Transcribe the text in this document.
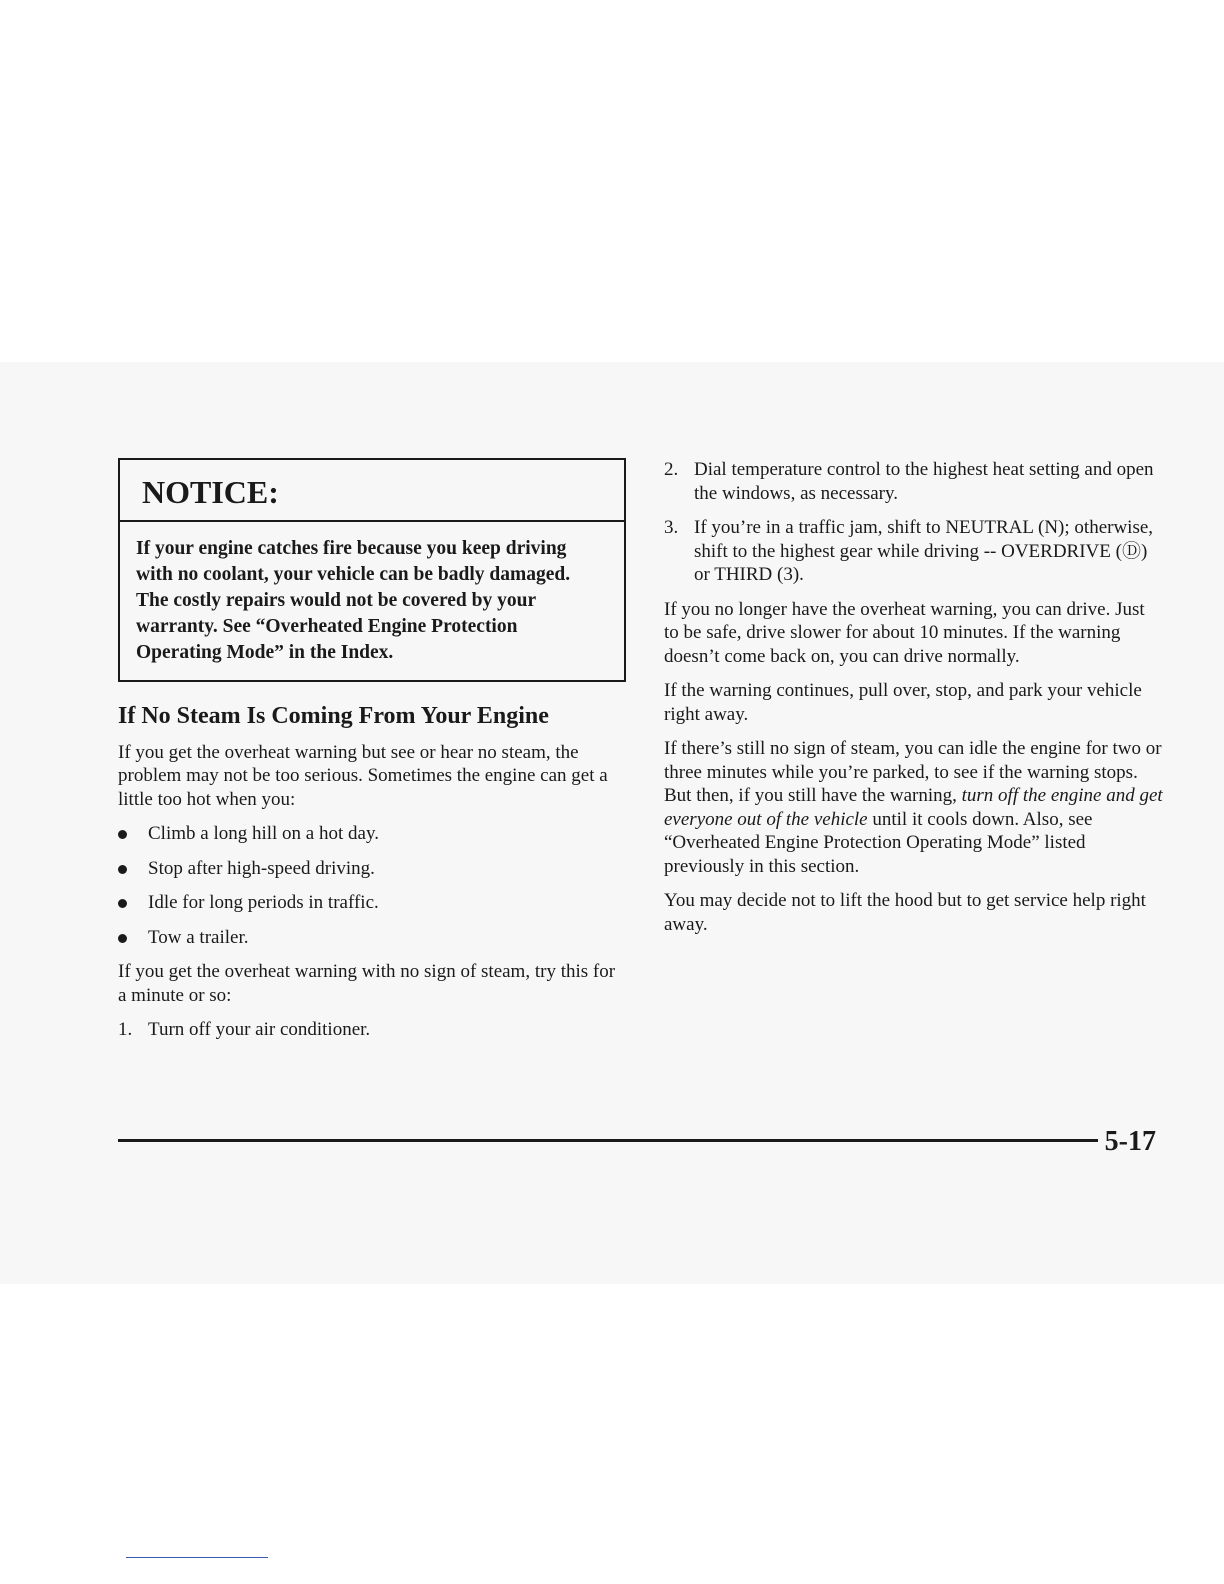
NOTICE:
If your engine catches fire because you keep driving with no coolant, your vehicle can be badly damaged. The costly repairs would not be covered by your warranty. See “Overheated Engine Protection Operating Mode” in the Index.
If No Steam Is Coming From Your Engine

If you get the overheat warning but see or hear no steam, the problem may not be too serious. Sometimes the engine can get a little too hot when you:

Climb a long hill on a hot day.
Stop after high-speed driving.
Idle for long periods in traffic.
Tow a trailer.

If you get the overheat warning with no sign of steam, try this for a minute or so:

1. Turn off your air conditioner.
2. Dial temperature control to the highest heat setting and open the windows, as necessary.
3. If you’re in a traffic jam, shift to NEUTRAL (N); otherwise, shift to the highest gear while driving -- OVERDRIVE (Ⓓ) or THIRD (3).

If you no longer have the overheat warning, you can drive. Just to be safe, drive slower for about 10 minutes. If the warning doesn’t come back on, you can drive normally.

If the warning continues, pull over, stop, and park your vehicle right away.

If there’s still no sign of steam, you can idle the engine for two or three minutes while you’re parked, to see if the warning stops. But then, if you still have the warning, turn off the engine and get everyone out of the vehicle until it cools down. Also, see “Overheated Engine Protection Operating Mode” listed previously in this section.

You may decide not to lift the hood but to get service help right away.

5-17
